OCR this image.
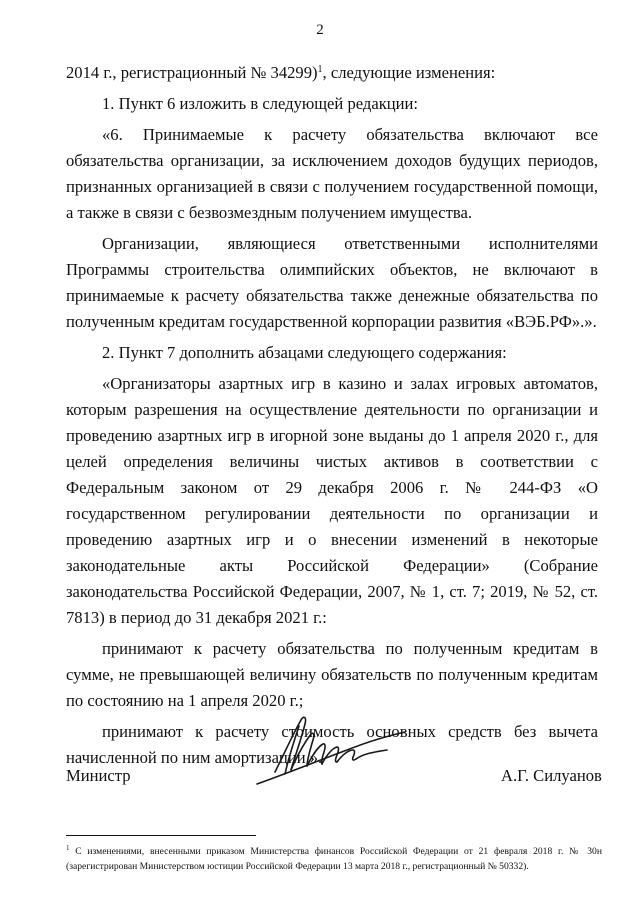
2

2014 г., регистрационный № 34299)$^1$, следующие изменения:

1. Пункт 6 изложить в следующей редакции:

«6. Принимаемые к расчету обязательства включают все обязательства организации, за исключением доходов будущих периодов, признанных организацией в связи с получением государственной помощи, а также в связи с безвозмездным получением имущества.

Организации, являющиеся ответственными исполнителями Программы строительства олимпийских объектов, не включают в принимаемые к расчету обязательства также денежные обязательства по полученным кредитам государственной корпорации развития «ВЭБ.РФ».».

2. Пункт 7 дополнить абзацами следующего содержания:

«Организаторы азартных игр в казино и залах игровых автоматов, которым разрешения на осуществление деятельности по организации и проведению азартных игр в игорной зоне выданы до 1 апреля 2020 г., для целей определения величины чистых активов в соответствии с Федеральным законом от 29 декабря 2006 г. № 244-ФЗ «О государственном регулировании деятельности по организации и проведению азартных игр и о внесении изменений в некоторые законодательные акты Российской Федерации» (Собрание законодательства Российской Федерации, 2007, № 1, ст. 7; 2019, № 52, ст. 7813) в период до 31 декабря 2021 г.:

принимают к расчету обязательства по полученным кредитам в сумме, не превышающей величину обязательств по полученным кредитам по состоянию на 1 апреля 2020 г.;

принимают к расчету стоимость основных средств без вычета начисленной по ним амортизации.».

Министр	А.Г. Силуанов

$^1$ С изменениями, внесенными приказом Министерства финансов Российской Федерации от 21 февраля 2018 г. № 30н (зарегистрирован Министерством юстиции Российской Федерации 13 марта 2018 г., регистрационный № 50332).
